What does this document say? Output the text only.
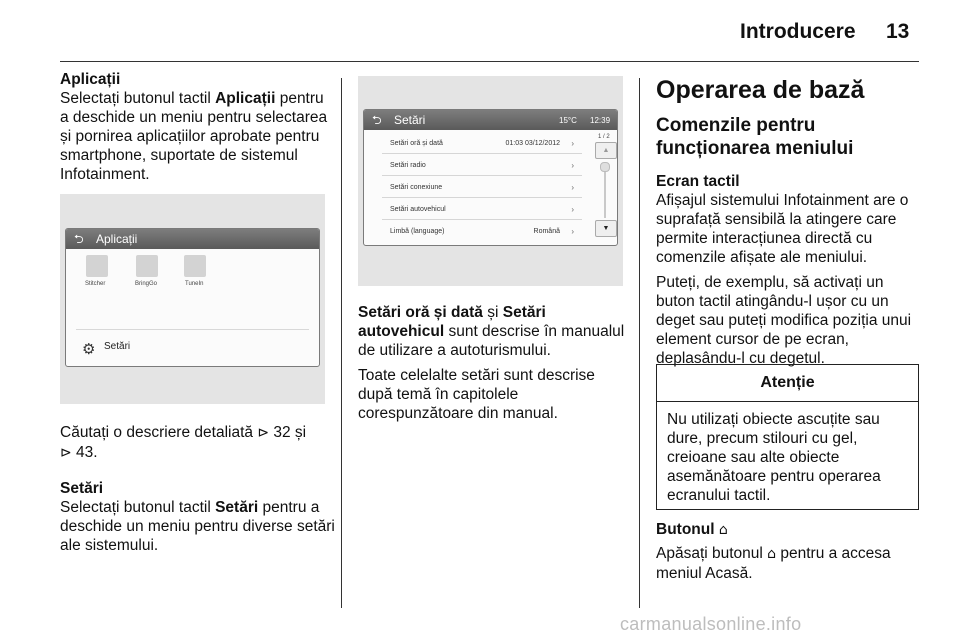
Introducere 13
Aplicații

Selectați butonul tactil Aplicații pentru a deschide un meniu pentru selectarea și pornirea aplicațiilor aprobate pentru smartphone, suportate de sistemul Infotainment.

⮌ Aplicații
Stitcher	BringGo	TuneIn
⚙ Setări

Căutați o descriere detaliată ⊳ 32 și
⊳ 43.

Setări

Selectați butonul tactil Setări pentru a deschide un meniu pentru diverse setări ale sistemului.

⮌ Setări	15°C 12:39
Setări oră și dată	01:03 03/12/2012 ›
Setări radio	›
Setări conexiune	›
Setări autovehicul	›
Limbă (language)	Română ›
1 / 2
▲
▼

Setări oră și dată și Setări autovehicul sunt descrise în manualul de utilizare a autoturismului.

Toate celelalte setări sunt descrise după temă în capitolele corespunzătoare din manual.

Operarea de bază
Comenzile pentru funcționarea meniului
Ecran tactil

Afișajul sistemului Infotainment are o suprafață sensibilă la atingere care permite interacțiunea directă cu comenzile afișate ale meniului.

Puteți, de exemplu, să activați un buton tactil atingându-l ușor cu un deget sau puteți modifica poziția unui element cursor de pe ecran, deplasându-l cu degetul.

Atenție
Nu utilizați obiecte ascuțite sau dure, precum stilouri cu gel, creioane sau alte obiecte asemănătoare pentru operarea ecranului tactil.
Butonul ⌂

Apăsați butonul ⌂ pentru a accesa meniul Acasă.

carmanualsonline.info
